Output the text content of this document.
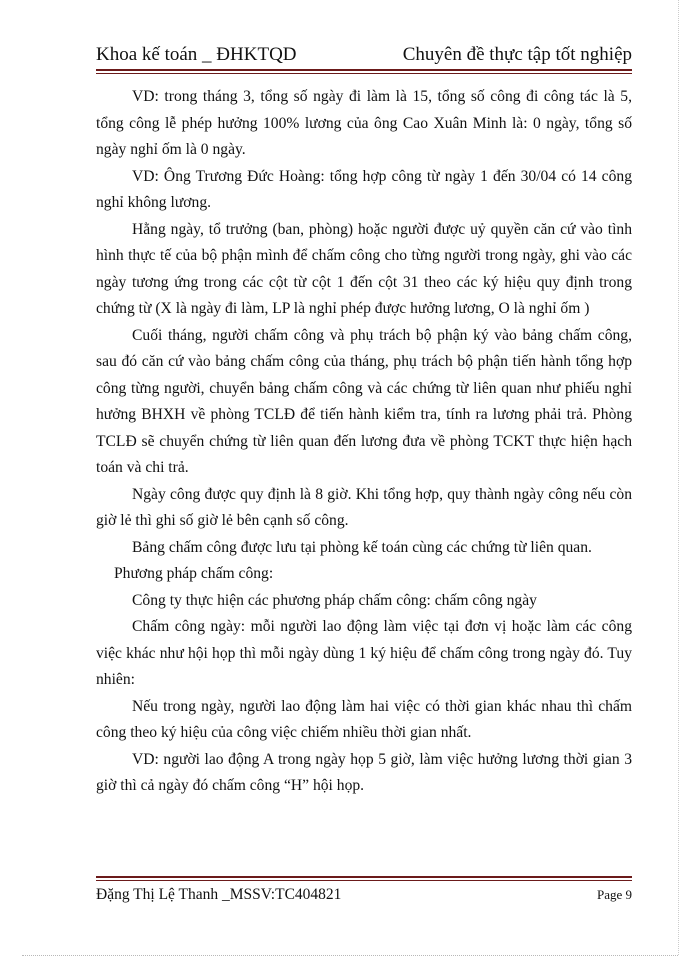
Khoa kế toán _ ĐHKTQD	Chuyên đề thực tập tốt nghiệp

VD: trong tháng 3, tổng số ngày đi làm là 15, tổng số công đi công tác là 5, tổng công lễ phép hưởng 100% lương của ông Cao Xuân Minh là: 0 ngày, tổng số ngày nghỉ ốm là 0 ngày.

VD: Ông Trương Đức Hoàng: tổng hợp công từ ngày 1 đến 30/04 có 14 công nghỉ không lương.

Hằng ngày, tổ trưởng (ban, phòng) hoặc người được uỷ quyền căn cứ vào tình hình thực tế của bộ phận mình để chấm công cho từng người trong ngày, ghi vào các ngày tương ứng trong các cột từ cột 1 đến cột 31 theo các ký hiệu quy định trong chứng từ (X là ngày đi làm, LP là nghỉ phép được hưởng lương, O là nghỉ ốm )

Cuối tháng, người chấm công và phụ trách bộ phận ký vào bảng chấm công, sau đó căn cứ vào bảng chấm công của tháng, phụ trách bộ phận tiến hành tổng hợp công từng người, chuyển bảng chấm công và các chứng từ liên quan như phiếu nghỉ hưởng BHXH về phòng TCLĐ để tiến hành kiểm tra, tính ra lương phải trả. Phòng TCLĐ sẽ chuyển chứng từ liên quan đến lương đưa về phòng TCKT thực hiện hạch toán và chi trả.

Ngày công được quy định là 8 giờ. Khi tổng hợp, quy thành ngày công nếu còn giờ lẻ thì ghi số giờ lẻ bên cạnh số công.

Bảng chấm công được lưu tại phòng kế toán cùng các chứng từ liên quan.

Phương pháp chấm công:

Công ty thực hiện các phương pháp chấm công: chấm công ngày

Chấm công ngày: mỗi người lao động làm việc tại đơn vị hoặc làm các công việc khác như hội họp thì mỗi ngày dùng 1 ký hiệu để chấm công trong ngày đó. Tuy nhiên:

Nếu trong ngày, người lao động làm hai việc có thời gian khác nhau thì chấm công theo ký hiệu của công việc chiếm nhiều thời gian nhất.

VD: người lao động A trong ngày họp 5 giờ, làm việc hưởng lương thời gian 3 giờ thì cả ngày đó chấm công “H” hội họp.

Đặng Thị Lệ Thanh _MSSV:TC404821	Page 9
